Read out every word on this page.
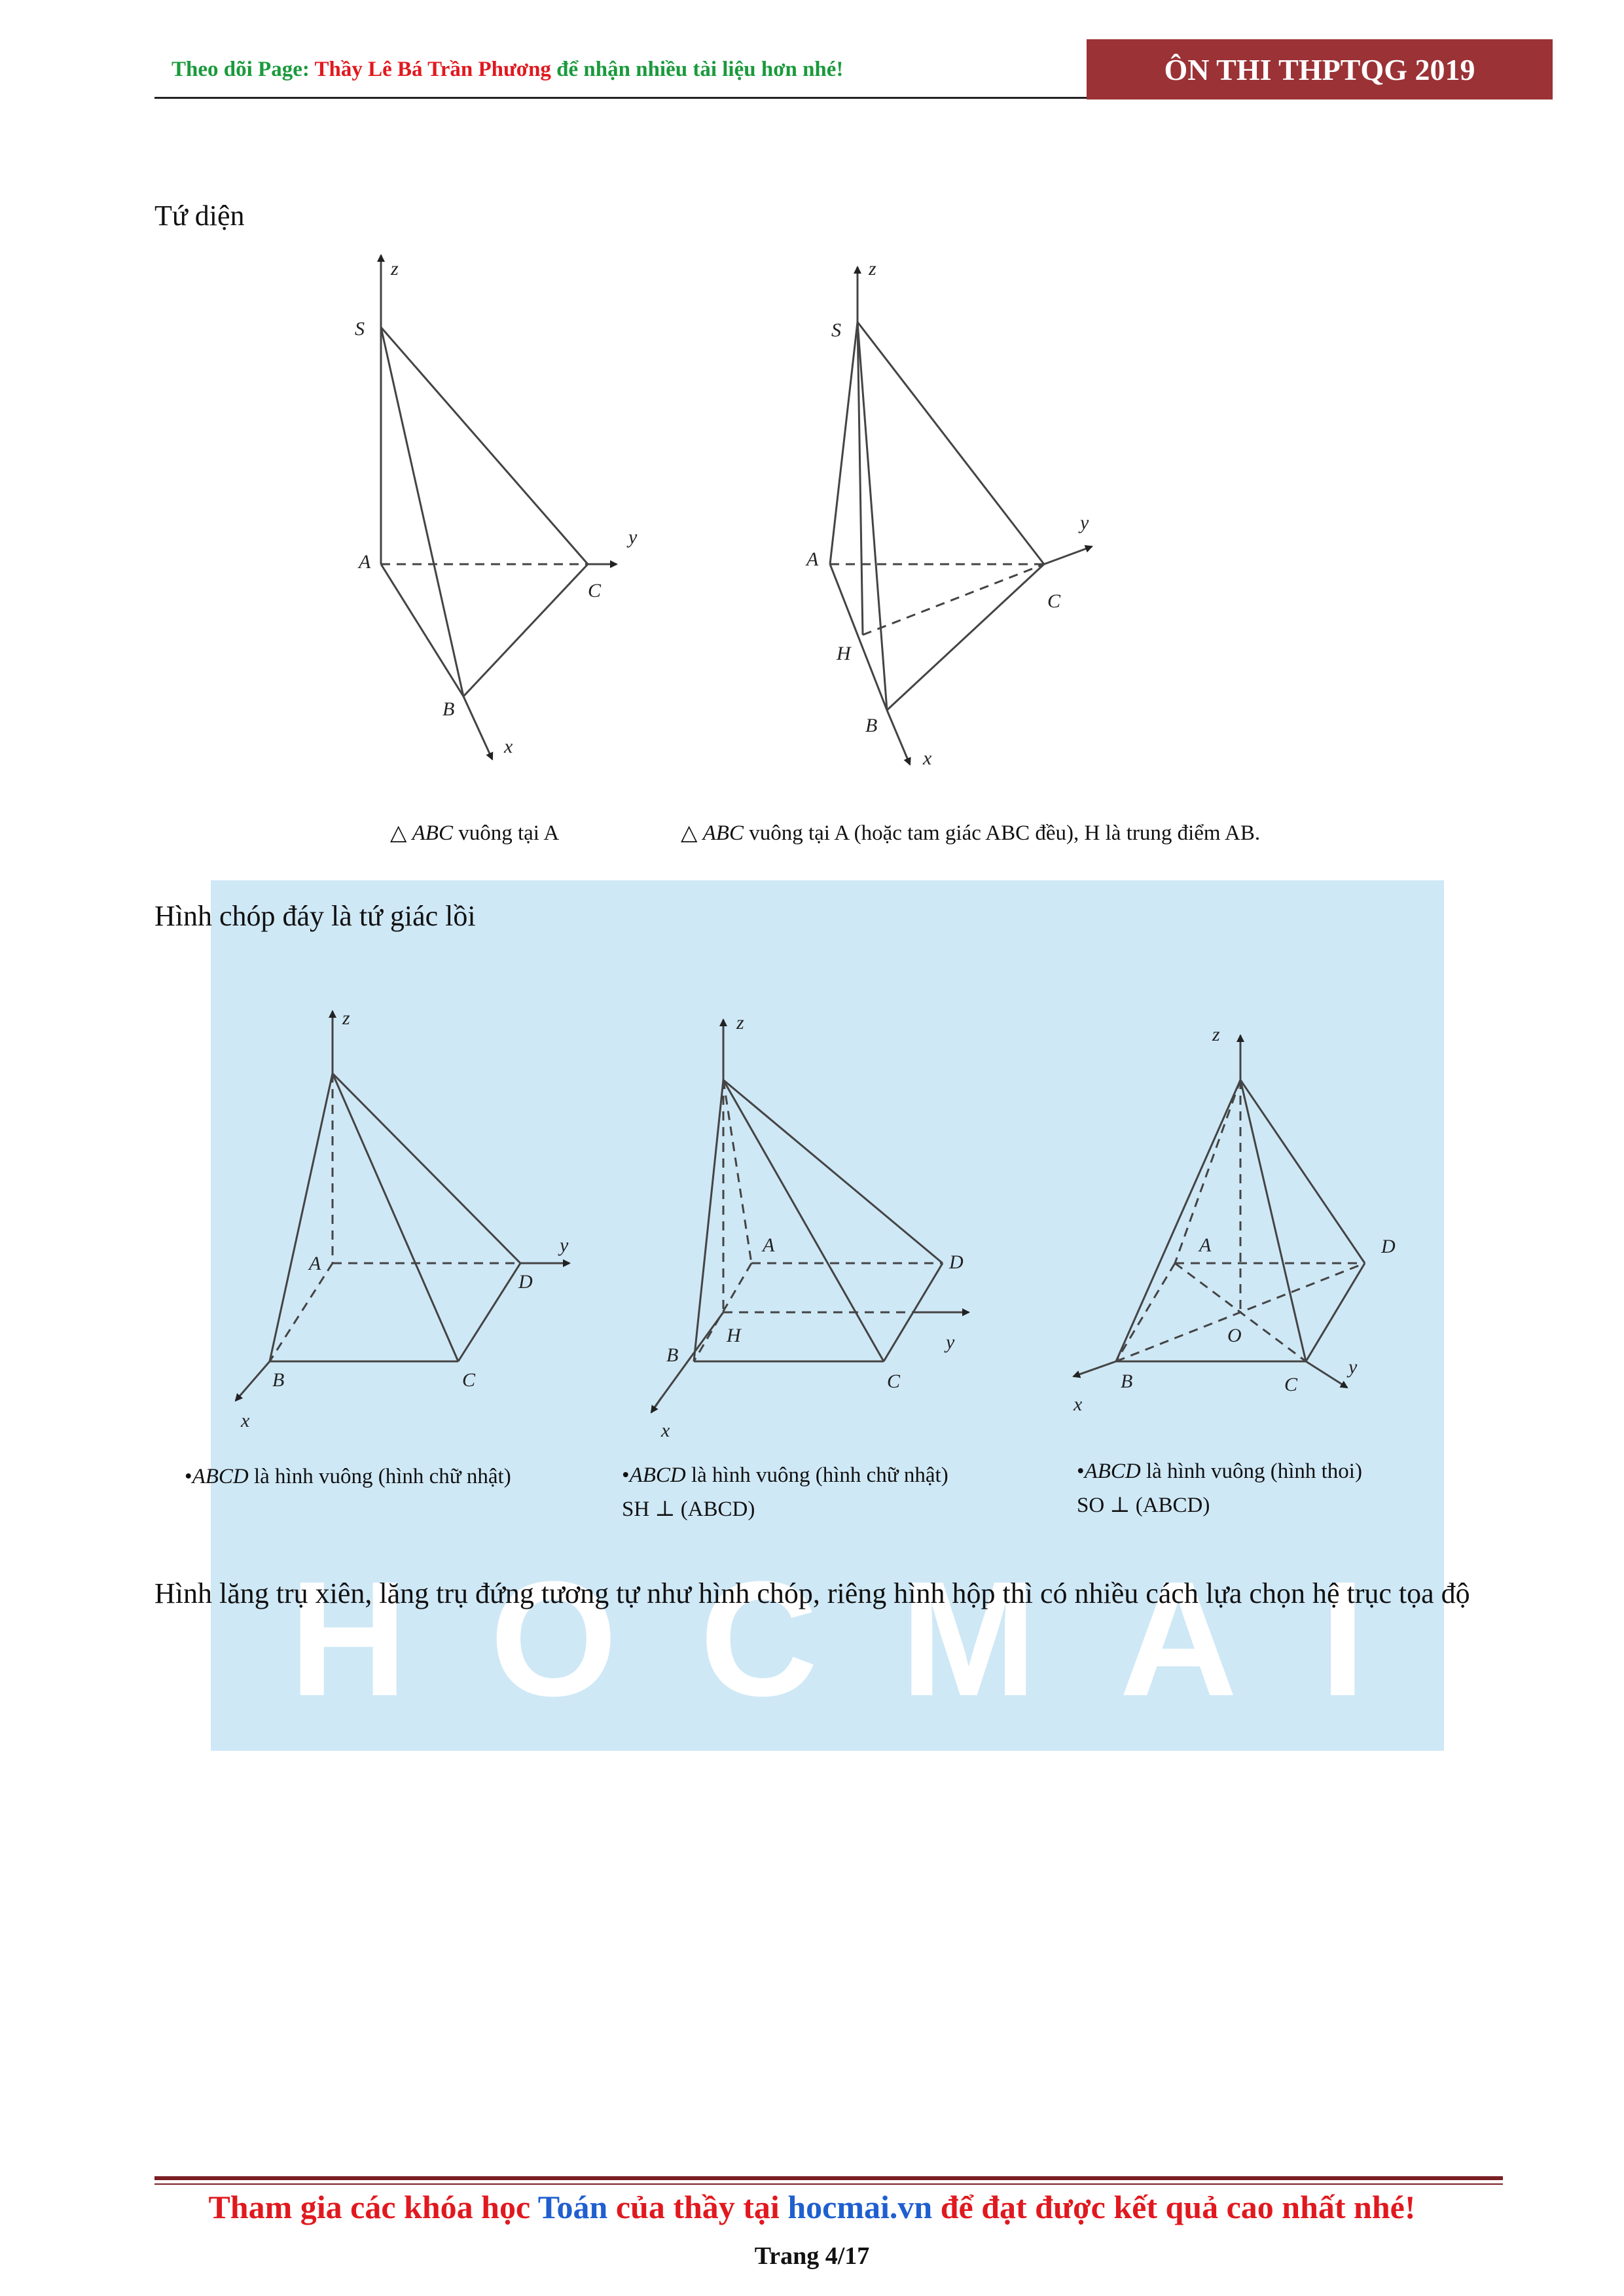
H O C M A I
Theo dõi Page: Thầy Lê Bá Trần Phương để nhận nhiều tài liệu hơn nhé!	ÔN THI THPTQG 2019
Tứ diện
z
S
A
C
y
B
x
z
S
A
C
y
H
B
x
z
A
y
D
B	C
x
z
A
D
H
B
C
y
x
z
A	D
O
B	C
x
y
△ ABC vuông tại A	△ ABC vuông tại A (hoặc tam giác ABC đều), H là trung điểm AB.
Hình chóp đáy là tứ giác lồi
•ABCD là hình vuông (hình chữ nhật)	•ABCD là hình vuông (hình chữ nhật)
SH ⊥ (ABCD)
•ABCD là hình vuông (hình thoi)
SO ⊥ (ABCD)
Hình lăng trụ xiên, lăng trụ đứng tương tự như hình chóp, riêng hình hộp thì có nhiều cách lựa chọn hệ trục tọa độ
Tham gia các khóa học Toán của thầy tại hocmai.vn để đạt được kết quả cao nhất nhé!
Trang 4/17
